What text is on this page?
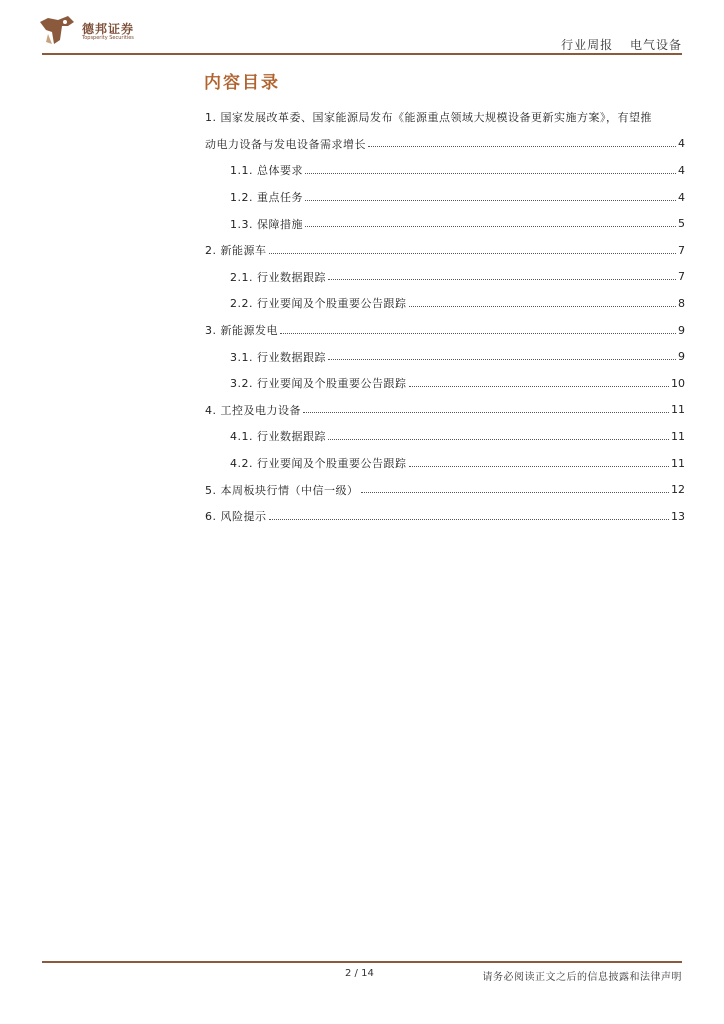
德邦证券
Topsperity Securities	行业周报 电气设备
内容目录
1. 国家发展改革委、国家能源局发布《能源重点领域大规模设备更新实施方案》，有望推
动电力设备与发电设备需求增长	4
1.1. 总体要求	4
1.2. 重点任务	4
1.3. 保障措施	5
2. 新能源车	7
2.1. 行业数据跟踪	7
2.2. 行业要闻及个股重要公告跟踪	8
3. 新能源发电	9
3.1. 行业数据跟踪	9
3.2. 行业要闻及个股重要公告跟踪	10
4. 工控及电力设备	11
4.1. 行业数据跟踪	11
4.2. 行业要闻及个股重要公告跟踪	11
5. 本周板块行情（中信一级）	12
6. 风险提示	13
2 / 14	请务必阅读正文之后的信息披露和法律声明
